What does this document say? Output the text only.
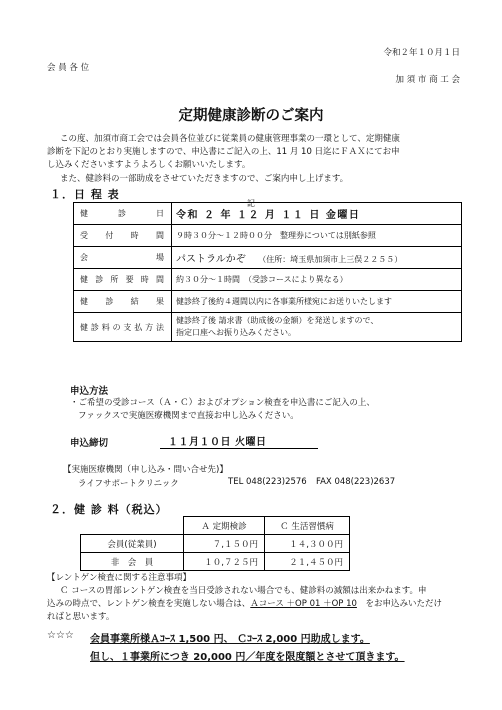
令和２年１０月１日
会 員 各 位
加 須 市 商 工 会
定期健康診断のご案内
この度、加須市商工会では会員各位並びに従業員の健康管理事業の一環として、定期健康
診断を下記のとおり実施しますので、申込書にご記入の上、11 月 10 日迄にＦＡＸにてお申
し込みくださいますようよろしくお願いいたします。
また、健診料の一部助成をさせていただきますので、ご案内申し上げます。
記
１．日 程 表
健　診　日	令和 ２ 年 １２ 月 １１ 日 金曜日
受　付　時　間	９時３０分～１２時００分　整理券については別紙参照
会　　　場	パストラルかぞ （住所：埼玉県加須市上三俣２２５５）
健 診 所 要 時 間	約３０分～１時間　（受診コースにより異なる）
健　診　結　果	健診終了後約４週間以内に各事業所様宛にお送りいたします
健診料の支払方法	健診終了後 請求書（助成後の金額）を発送しますので、
指定口座へお振り込みください。
申込方法
・ご希望の受診コース（Ａ・Ｃ）およびオプション検査を申込書にご記入の上、
ファックスで実施医療機関まで直接お申し込みください。
申込締切	１１月１０日 火曜日
【実施医療機関（申し込み・問い合せ先)】
ライフサポートクリニック	TEL 048(223)2576 FAX 048(223)2637
２．健 診 料（税込）
	Ａ 定期検診	Ｃ 生活習慣病
会員(従業員)	７,１５０円	１４,３００円
非　会　員	１０,７２５円	２１,４５０円
【レントゲン検査に関する注意事項】
Ｃ コースの胃部レントゲン検査を当日受診されない場合でも、健診料の減額は出来かねます。申
込みの時点で、レントゲン検査を実施しない場合は、Ａコース ＋OP 01 ＋OP 10　をお申込みいただけ
ればと思います。
☆☆☆ 会員事業所様Ａｺｰｽ 1,500 円、 Ｃｺｰｽ 2,000 円助成します。
但し、１事業所につき 20,000 円／年度を限度額とさせて頂きます。
